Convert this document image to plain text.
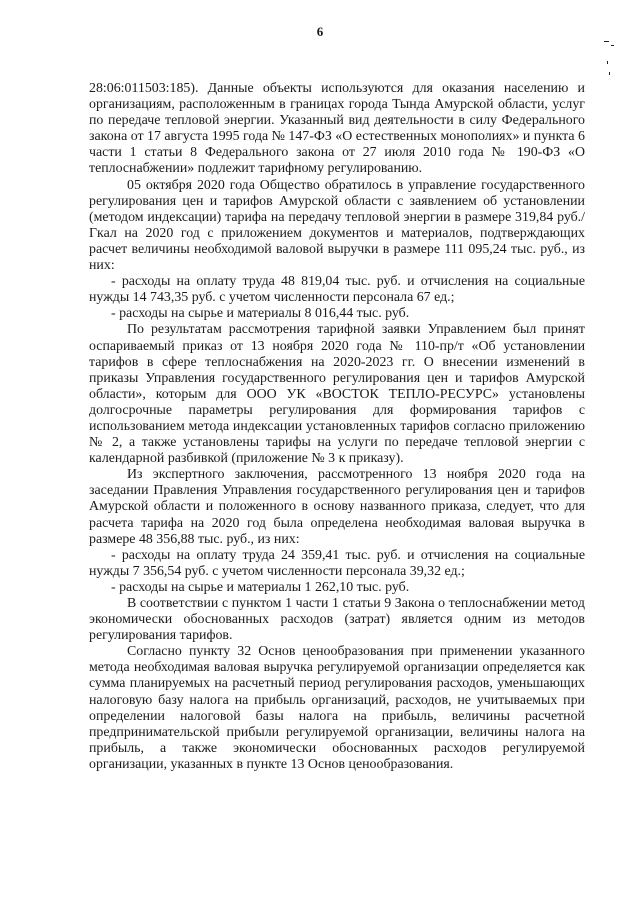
6

28:06:011503:185). Данные объекты используются для оказания населению и организациям, расположенным в границах города Тында Амурской области, услуг по передаче тепловой энергии. Указанный вид деятельности в силу Федерального закона от 17 августа 1995 года № 147-ФЗ «О естественных монополиях» и пункта 6 части 1 статьи 8 Федерального закона от 27 июля 2010 года № 190-ФЗ «О теплоснабжении» подлежит тарифному регулированию.

05 октября 2020 года Общество обратилось в управление государственного регулирования цен и тарифов Амурской области с заявлением об установлении (методом индексации) тарифа на передачу тепловой энергии в размере 319,84 руб./Гкал на 2020 год с приложением документов и материалов, подтверждающих расчет величины необходимой валовой выручки в размере 111 095,24 тыс. руб., из них:

- расходы на оплату труда 48 819,04 тыс. руб. и отчисления на социальные нужды 14 743,35 руб. с учетом численности персонала 67 ед.;

- расходы на сырье и материалы 8 016,44 тыс. руб.

По результатам рассмотрения тарифной заявки Управлением был принят оспариваемый приказ от 13 ноября 2020 года № 110-пр/т «Об установлении тарифов в сфере теплоснабжения на 2020-2023 гг. О внесении изменений в приказы Управления государственного регулирования цен и тарифов Амурской области», которым для ООО УК «ВОСТОК ТЕПЛО-РЕСУРС» установлены долгосрочные параметры регулирования для формирования тарифов с использованием метода индексации установленных тарифов согласно приложению № 2, а также установлены тарифы на услуги по передаче тепловой энергии с календарной разбивкой (приложение № 3 к приказу).

Из экспертного заключения, рассмотренного 13 ноября 2020 года на заседании Правления Управления государственного регулирования цен и тарифов Амурской области и положенного в основу названного приказа, следует, что для расчета тарифа на 2020 год была определена необходимая валовая выручка в размере 48 356,88 тыс. руб., из них:

- расходы на оплату труда 24 359,41 тыс. руб. и отчисления на социальные нужды 7 356,54 руб. с учетом численности персонала 39,32 ед.;

- расходы на сырье и материалы 1 262,10 тыс. руб.

В соответствии с пунктом 1 части 1 статьи 9 Закона о теплоснабжении метод экономически обоснованных расходов (затрат) является одним из методов регулирования тарифов.

Согласно пункту 32 Основ ценообразования при применении указанного метода необходимая валовая выручка регулируемой организации определяется как сумма планируемых на расчетный период регулирования расходов, уменьшающих налоговую базу налога на прибыль организаций, расходов, не учитываемых при определении налоговой базы налога на прибыль, величины расчетной предпринимательской прибыли регулируемой организации, величины налога на прибыль, а также экономически обоснованных расходов регулируемой организации, указанных в пункте 13 Основ ценообразования.
